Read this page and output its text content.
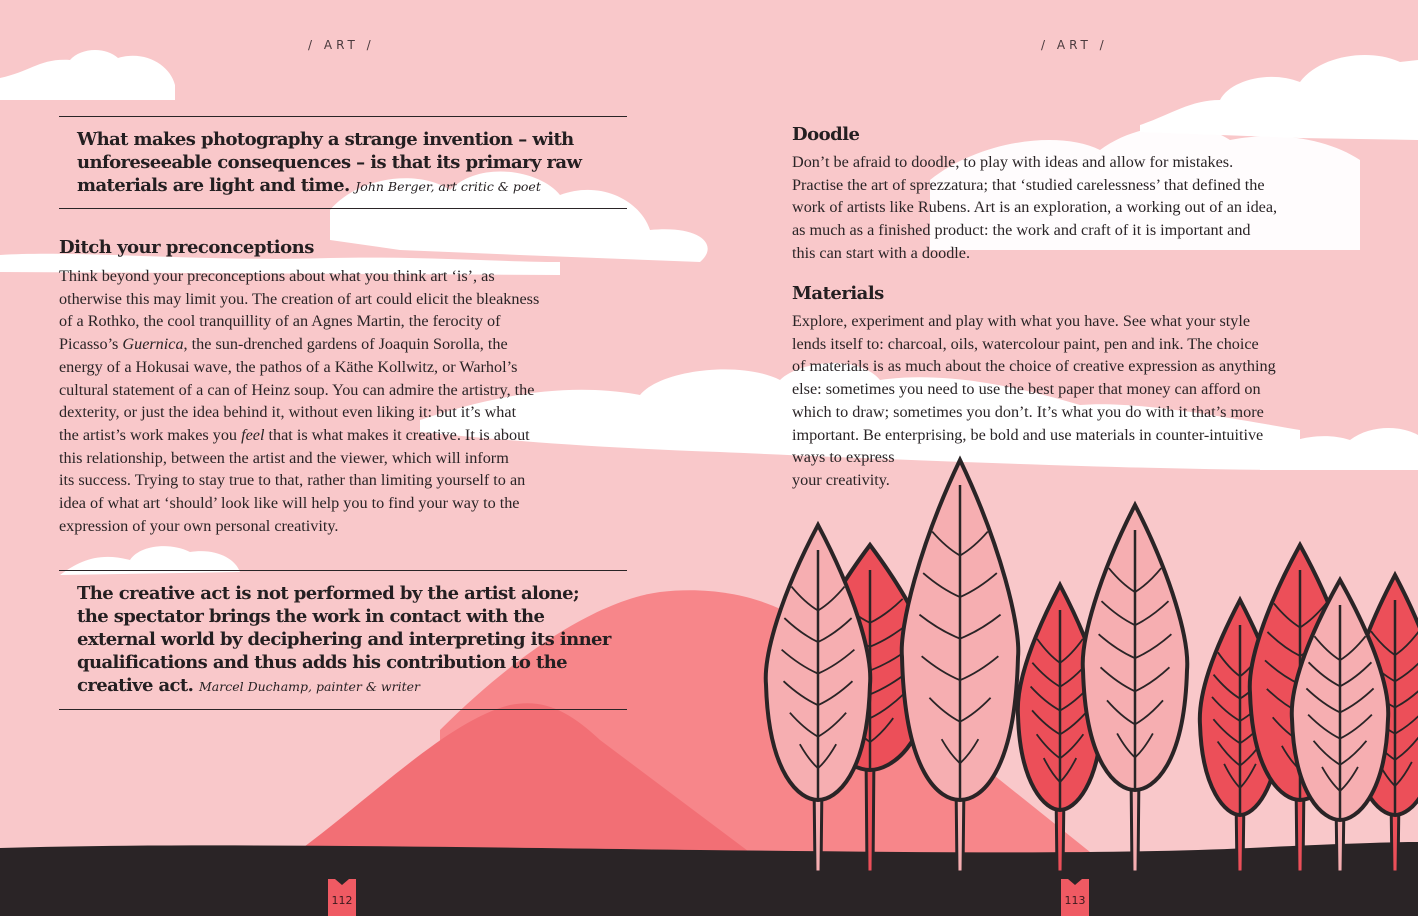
/ ART /	/ ART /
What makes photography a strange invention – with
unforeseeable consequences – is that its primary raw
materials are light and time. John Berger, art critic & poet
Ditch your preconceptions
Think beyond your preconceptions about what you think art ‘is’, as
otherwise this may limit you. The creation of art could elicit the bleakness
of a Rothko, the cool tranquillity of an Agnes Martin, the ferocity of
Picasso’s Guernica, the sun-drenched gardens of Joaquin Sorolla, the
energy of a Hokusai wave, the pathos of a Käthe Kollwitz, or Warhol’s
cultural statement of a can of Heinz soup. You can admire the artistry, the
dexterity, or just the idea behind it, without even liking it: but it’s what
the artist’s work makes you feel that is what makes it creative. It is about
this relationship, between the artist and the viewer, which will inform
its success. Trying to stay true to that, rather than limiting yourself to an
idea of what art ‘should’ look like will help you to find your way to the
expression of your own personal creativity.
The creative act is not performed by the artist alone;
the spectator brings the work in contact with the
external world by deciphering and interpreting its inner
qualifications and thus adds his contribution to the
creative act. Marcel Duchamp, painter & writer
Doodle
Don’t be afraid to doodle, to play with ideas and allow for mistakes.
Practise the art of sprezzatura; that ‘studied carelessness’ that defined the
work of artists like Rubens. Art is an exploration, a working out of an idea,
as much as a finished product: the work and craft of it is important and
this can start with a doodle.
Materials
Explore, experiment and play with what you have. See what your style
lends itself to: charcoal, oils, watercolour paint, pen and ink. The choice
of materials is as much about the choice of creative expression as anything
else: sometimes you need to use the best paper that money can afford on
which to draw; sometimes you don’t. It’s what you do with it that’s more
important. Be enterprising, be bold and use materials in counter-intuitive
ways to express
your creativity.
112	113
